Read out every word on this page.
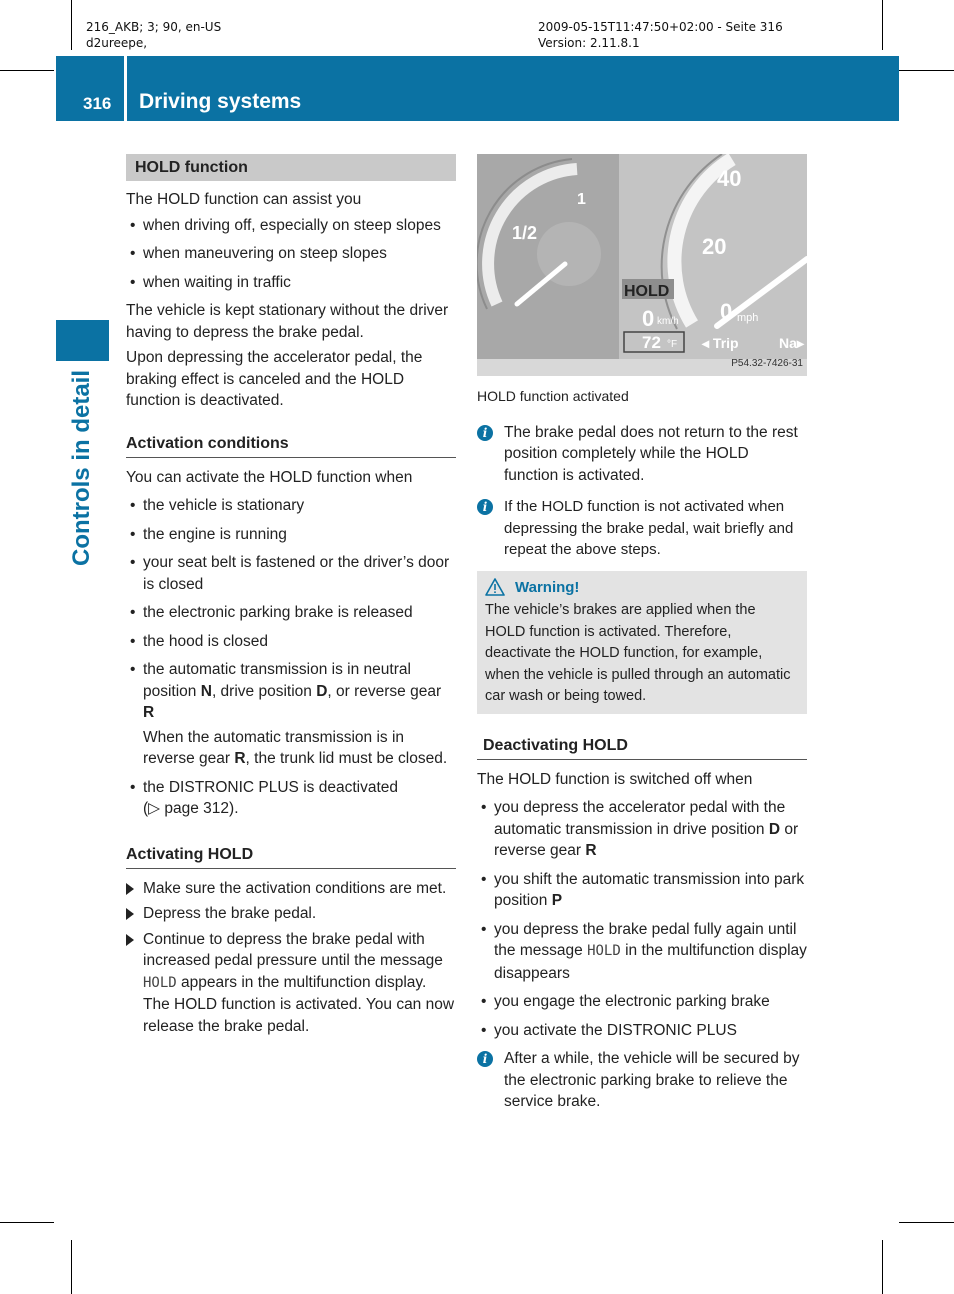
216_AKB; 3; 90, en-US
d2ureepe,
2009-05-15T11:47:50+02:00 - Seite 316
Version: 2.11.8.1
316 Driving systems
Controls in detail
HOLD function

The HOLD function can assist you

• when driving off, especially on steep slopes
• when maneuvering on steep slopes
• when waiting in traffic

The vehicle is kept stationary without the driver having to depress the brake pedal.

Upon depressing the accelerator pedal, the braking effect is canceled and the HOLD function is deactivated.

Activation conditions

You can activate the HOLD function when

• the vehicle is stationary
• the engine is running
• your seat belt is fastened or the driver’s door is closed
• the electronic parking brake is released
• the hood is closed
• the automatic transmission is in neutral position N, drive position D, or reverse gear R
When the automatic transmission is in reverse gear R, the trunk lid must be closed.
• the DISTRONIC PLUS is deactivated
(▷ page 312).
Activating HOLD
Make sure the activation conditions are met.
Depress the brake pedal.
Continue to depress the brake pedal with increased pedal pressure until the message HOLD appears in the multifunction display. The HOLD function is activated. You can now release the brake pedal.
1
1/2
40
20
0
HOLD
0 km/h	mph
72 °F ◂ Trip	Na▸
P54.32-7426-31
HOLD function activated
i	The brake pedal does not return to the rest position completely while the HOLD function is activated.
i	If the HOLD function is not activated when depressing the brake pedal, wait briefly and repeat the above steps.
Warning!
The vehicle’s brakes are applied when the HOLD function is activated. Therefore, deactivate the HOLD function, for example, when the vehicle is pulled through an automatic car wash or being towed.
Deactivating HOLD

The HOLD function is switched off when

• you depress the accelerator pedal with the automatic transmission in drive position D or reverse gear R
• you shift the automatic transmission into park position P
• you depress the brake pedal fully again until the message HOLD in the multifunction display disappears
• you engage the electronic parking brake
• you activate the DISTRONIC PLUS
i	After a while, the vehicle will be secured by the electronic parking brake to relieve the service brake.
